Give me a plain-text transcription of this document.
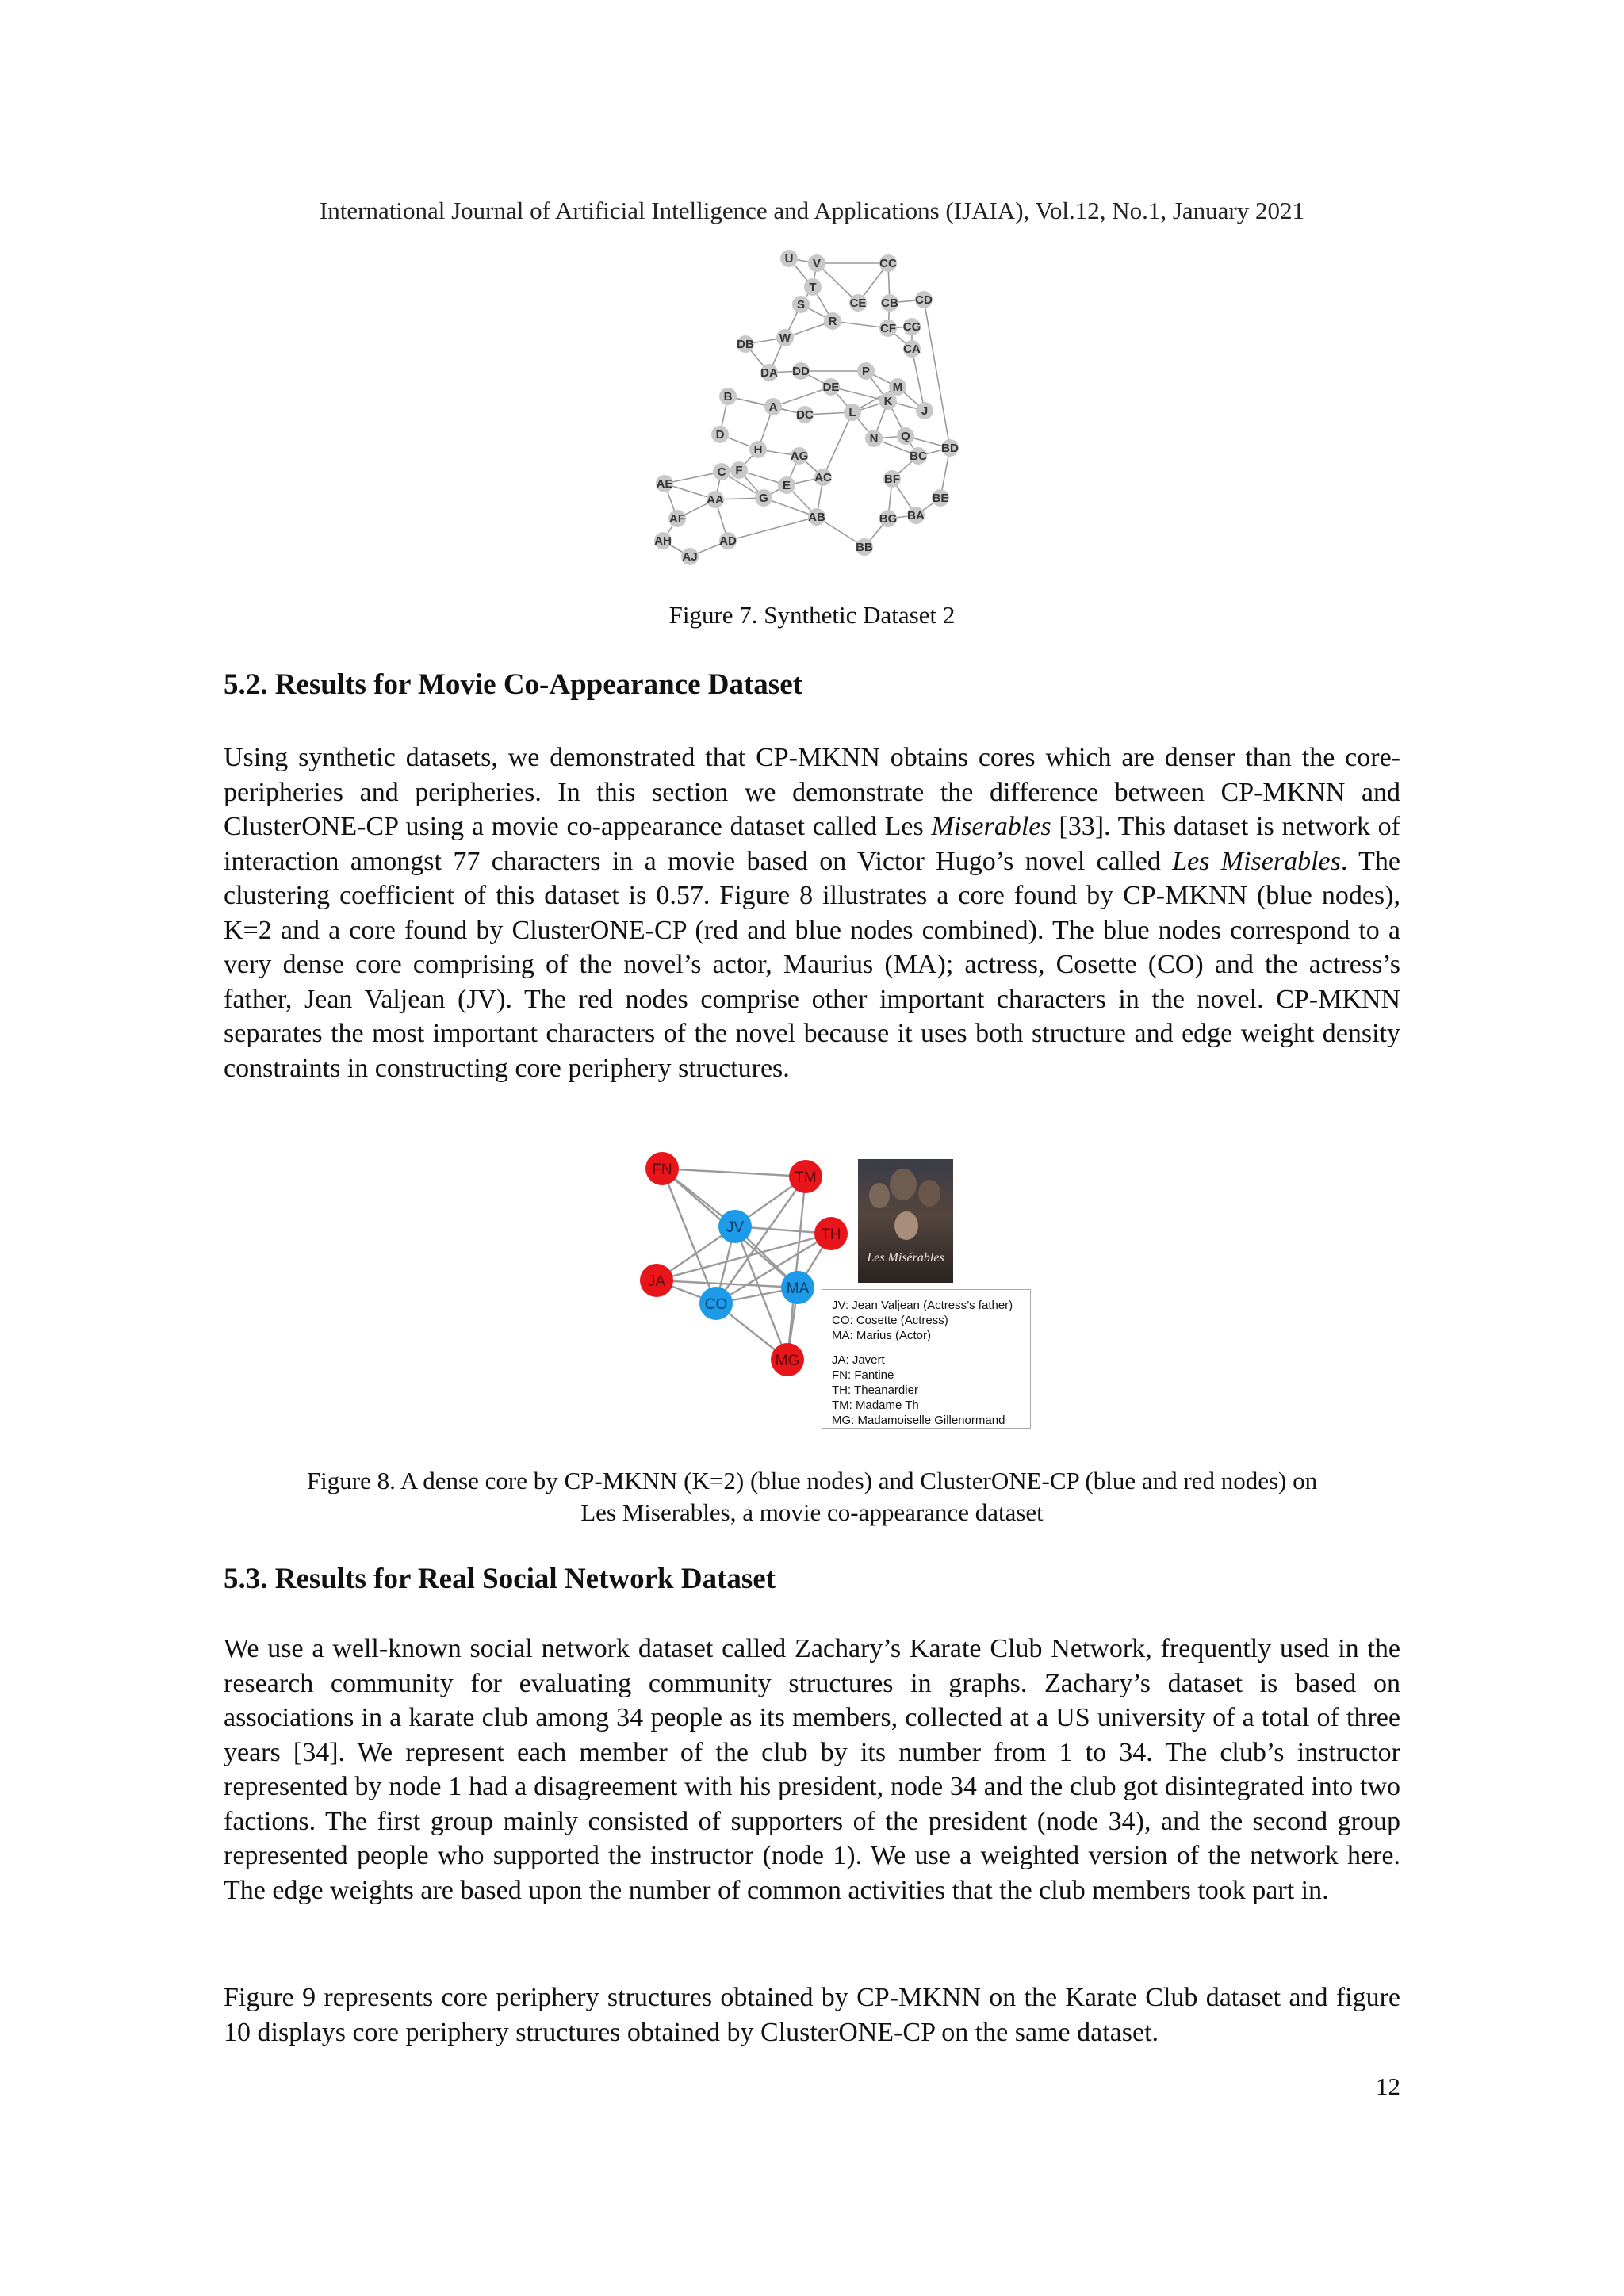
International Journal of Artificial Intelligence and Applications (IJAIA), Vol.12, No.1, January 2021
U V	CC
T
S	CE CB CD
R
W
CF CG
DB	CA
DA DD	P
DE	M
B
A	K
J
DC	L
D	N Q
BD
H AG	BC
C F
E
AC	BF
AE
AA	G	BE
AB	BG BA
AF
AH	AD	BB
AJ
Figure 7. Synthetic Dataset 2
5.2. Results for Movie Co-Appearance Dataset

Using synthetic datasets, we demonstrated that CP-MKNN obtains cores which are denser than the core-peripheries and peripheries. In this section we demonstrate the difference between CP-MKNN and ClusterONE-CP using a movie co-appearance dataset called Les Miserables [33]. This dataset is network of interaction amongst 77 characters in a movie based on Victor Hugo’s novel called Les Miserables. The clustering coefficient of this dataset is 0.57. Figure 8 illustrates a core found by CP-MKNN (blue nodes), K=2 and a core found by ClusterONE-CP (red and blue nodes combined). The blue nodes correspond to a very dense core comprising of the novel’s actor, Maurius (MA); actress, Cosette (CO) and the actress’s father, Jean Valjean (JV). The red nodes comprise other important characters in the novel. CP-MKNN separates the most important characters of the novel because it uses both structure and edge weight density constraints in constructing core periphery structures.

FN	TM
JV	TH
JA
CO
MA
MG
Les Misérables
JV: Jean Valjean (Actress’s father)
CO: Cosette (Actress)
MA: Marius (Actor)
JA: Javert
FN: Fantine
TH: Theanardier
TM: Madame Th
MG: Madamoiselle Gillenormand
Figure 8. A dense core by CP-MKNN (K=2) (blue nodes) and ClusterONE-CP (blue and red nodes) on
Les Miserables, a movie co-appearance dataset
5.3. Results for Real Social Network Dataset

We use a well-known social network dataset called Zachary’s Karate Club Network, frequently used in the research community for evaluating community structures in graphs. Zachary’s dataset is based on associations in a karate club among 34 people as its members, collected at a US university of a total of three years [34]. We represent each member of the club by its number from 1 to 34. The club’s instructor represented by node 1 had a disagreement with his president, node 34 and the club got disintegrated into two factions. The first group mainly consisted of supporters of the president (node 34), and the second group represented people who supported the instructor (node 1). We use a weighted version of the network here. The edge weights are based upon the number of common activities that the club members took part in.

Figure 9 represents core periphery structures obtained by CP-MKNN on the Karate Club dataset and figure 10 displays core periphery structures obtained by ClusterONE-CP on the same dataset.

12
